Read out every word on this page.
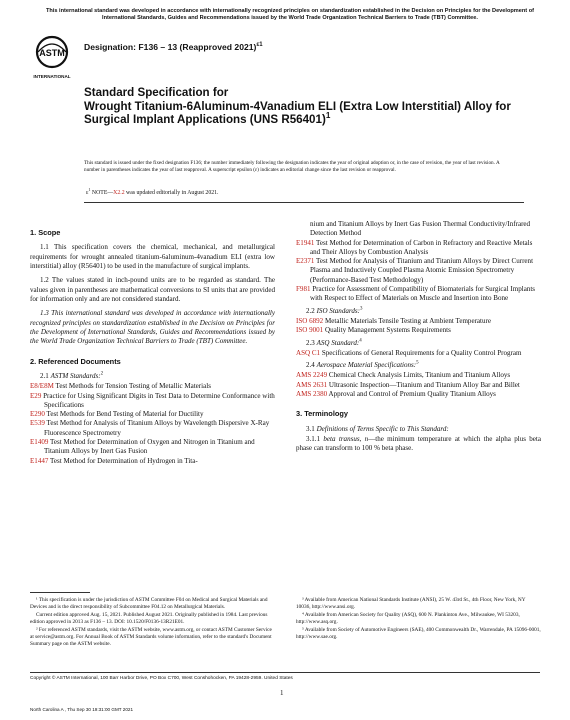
This international standard was developed in accordance with internationally recognized principles on standardization established in the Decision on Principles for the Development of International Standards, Guides and Recommendations issued by the World Trade Organization Technical Barriers to Trade (TBT) Committee.
ASTM
INTERNATIONAL
Designation: F136 – 13 (Reapproved 2021)$^{\varepsilon 1}$
Standard Specification for
Wrought Titanium-6Aluminum-4Vanadium ELI (Extra Low Interstitial) Alloy for Surgical Implant Applications (UNS R56401)$^1$
This standard is issued under the fixed designation F136; the number immediately following the designation indicates the year of original adoption or, in the case of revision, the year of last revision. A number in parentheses indicates the year of last reapproval. A superscript epsilon (ε) indicates an editorial change since the last revision or reapproval.
$\varepsilon^1$ NOTE—X2.2 was updated editorially in August 2021.
1. Scope

1.1 This specification covers the chemical, mechanical, and metallurgical requirements for wrought annealed titanium-6aluminum-4vanadium ELI (extra low interstitial) alloy (R56401) to be used in the manufacture of surgical implants.

1.2 The values stated in inch-pound units are to be regarded as standard. The values given in parentheses are mathematical conversions to SI units that are provided for information only and are not considered standard.

1.3 This international standard was developed in accordance with internationally recognized principles on standardization established in the Decision on Principles for the Development of International Standards, Guides and Recommendations issued by the World Trade Organization Technical Barriers to Trade (TBT) Committee.

2. Referenced Documents

2.1 ASTM Standards:$^2$

E8/E8M Test Methods for Tension Testing of Metallic Materials
E29 Practice for Using Significant Digits in Test Data to Determine Conformance with Specifications
E290 Test Methods for Bend Testing of Material for Ductility
E539 Test Method for Analysis of Titanium Alloys by Wavelength Dispersive X-Ray Fluorescence Spectrometry
E1409 Test Method for Determination of Oxygen and Nitrogen in Titanium and Titanium Alloys by Inert Gas Fusion
E1447 Test Method for Determination of Hydrogen in Tita-

¹ This specification is under the jurisdiction of ASTM Committee F04 on Medical and Surgical Materials and Devices and is the direct responsibility of Subcommittee F04.12 on Metallurgical Materials.

Current edition approved Aug. 15, 2021. Published August 2021. Originally published in 1984. Last previous edition approved in 2013 as F136 – 13. DOI: 10.1520/F0136-13R21E01.

² For referenced ASTM standards, visit the ASTM website, www.astm.org, or contact ASTM Customer Service at service@astm.org. For Annual Book of ASTM Standards volume information, refer to the standard's Document Summary page on the ASTM website.

nium and Titanium Alloys by Inert Gas Fusion Thermal Conductivity/Infrared Detection Method
E1941 Test Method for Determination of Carbon in Refractory and Reactive Metals and Their Alloys by Combustion Analysis
E2371 Test Method for Analysis of Titanium and Titanium Alloys by Direct Current Plasma and Inductively Coupled Plasma Atomic Emission Spectrometry (Performance-Based Test Methodology)
F981 Practice for Assessment of Compatibility of Biomaterials for Surgical Implants with Respect to Effect of Materials on Muscle and Insertion into Bone

2.2 ISO Standards:$^3$

ISO 6892 Metallic Materials Tensile Testing at Ambient Temperature
ISO 9001 Quality Management Systems Requirements

2.3 ASQ Standard:$^4$

ASQ C1 Specifications of General Requirements for a Quality Control Program

2.4 Aerospace Material Specifications:$^5$

AMS 2249 Chemical Check Analysis Limits, Titanium and Titanium Alloys
AMS 2631 Ultrasonic Inspection—Titanium and Titanium Alloy Bar and Billet
AMS 2380 Approval and Control of Premium Quality Titanium Alloys
3. Terminology

3.1 Definitions of Terms Specific to This Standard:

3.1.1 beta transus, n—the minimum temperature at which the alpha plus beta phase can transform to 100 % beta phase.

³ Available from American National Standards Institute (ANSI), 25 W. 43rd St., 4th Floor, New York, NY 10036, http://www.ansi.org.

⁴ Available from American Society for Quality (ASQ), 600 N. Plankinton Ave., Milwaukee, WI 53203, http://www.asq.org.

⁵ Available from Society of Automotive Engineers (SAE), 400 Commonwealth Dr., Warrendale, PA 15096-0001, http://www.sae.org.

Copyright © ASTM International, 100 Barr Harbor Drive, PO Box C700, West Conshohocken, PA 19428-2959. United States
1
North Carolina A , Thu Sep 30 19:31:00 GMT 2021
